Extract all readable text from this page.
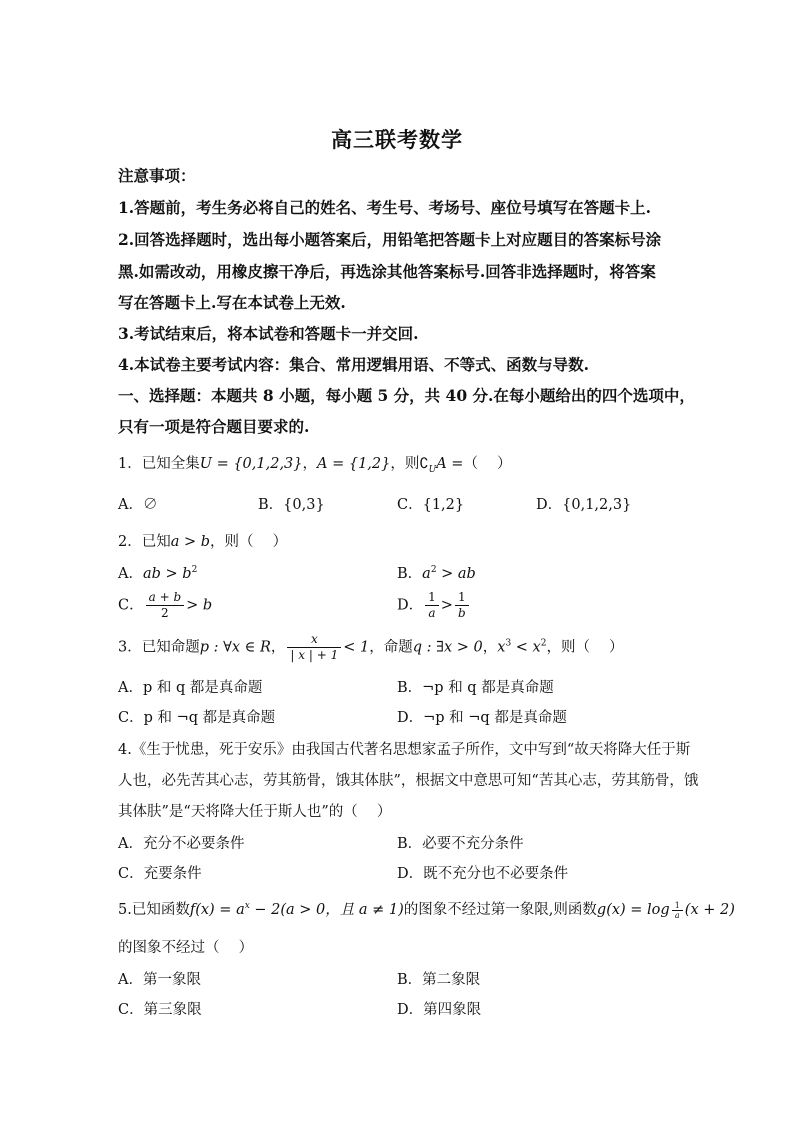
高三联考数学
注意事项：
1.答题前，考生务必将自己的姓名、考生号、考场号、座位号填写在答题卡上.
2.回答选择题时，选出每小题答案后，用铅笔把答题卡上对应题目的答案标号涂
黑.如需改动，用橡皮擦干净后，再选涂其他答案标号.回答非选择题时，将答案
写在答题卡上.写在本试卷上无效.
3.考试结束后，将本试卷和答题卡一并交回.
4.本试卷主要考试内容：集合、常用逻辑用语、不等式、函数与导数.
一、选择题：本题共 8 小题，每小题 5 分，共 40 分.在每小题给出的四个选项中，
只有一项是符合题目要求的.
1．已知全集U = {0,1,2,3}，A = {1,2}，则$∁_UA$ =（　 ）
A．∅	B．{0,3}	C．{1,2}	D．{0,1,2,3}
2．已知a > b，则（　 ）
A．ab > $b^2$	B．$a^2$ > ab
C． $\frac{a + b}{2} > b$	D． $\frac{1}{a} > \frac{1}{b}$
3．已知命题p : ∀x ∈ R， $\frac{x}{| x | + 1} < 1$，命题q : ∃x > 0，$x^3 < x^2$，则（　 ）
A．p 和 q 都是真命题	B．¬p 和 q 都是真命题
C．p 和 ¬q 都是真命题	D．¬p 和 ¬q 都是真命题
4.《生于忧患，死于安乐》由我国古代著名思想家孟子所作，文中写到“故天将降大任于斯
人也，必先苦其心志，劳其筋骨，饿其体肤”，根据文中意思可知“苦其心志，劳其筋骨，饿
其体肤”是“天将降大任于斯人也”的（　 ）
A．充分不必要条件	B．必要不充分条件
C．充要条件	D．既不充分也不必要条件
5.已知函数$f(x) = a^x - 2(a > 0$，且 a ≠ 1)的图象不经过第一象限,则函数$g(x) = \log \frac{1}{a} (x + 2)$
的图象不经过（　 ）
A．第一象限	B．第二象限
C．第三象限	D．第四象限
